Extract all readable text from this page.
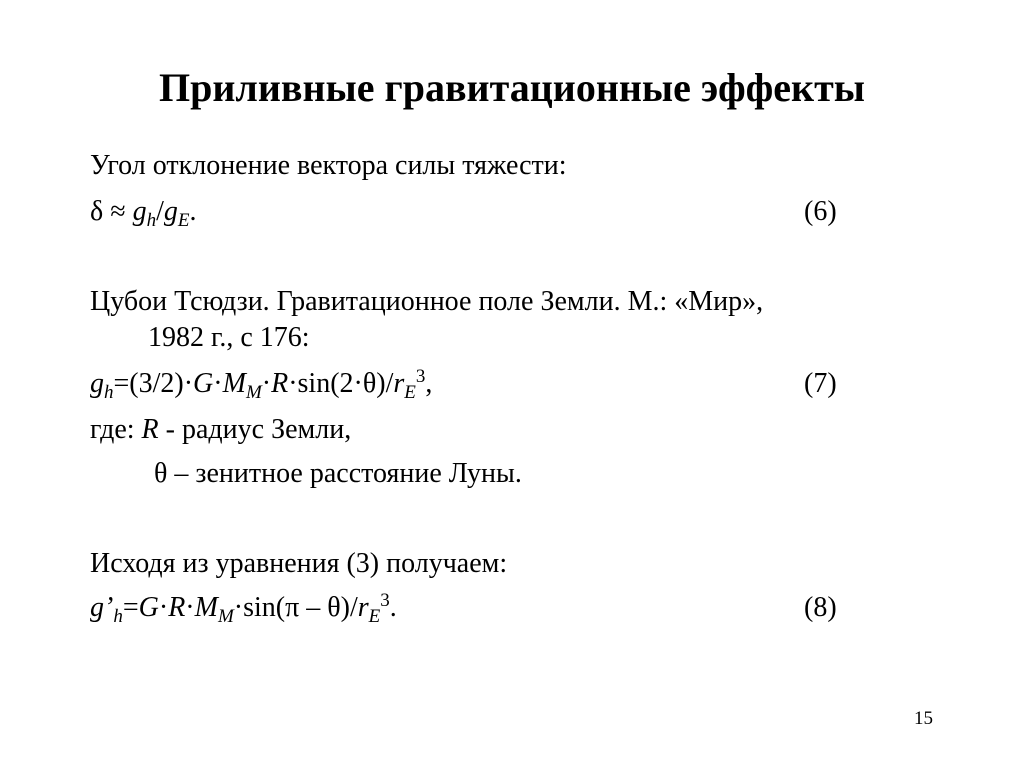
Приливные гравитационные эффекты
Угол отклонение вектора силы тяжести:
$\delta \approx g_h/g_E$.	(6)
Цубои Тсюдзи. Гравитационное поле Земли. М.: «Мир»,
1982 г., с 176:
$g_h=(3/2)\cdot G\cdot M_M\cdot R\cdot\sin(2\cdot\theta)/r_E^3$,	(7)
где: R - радиус Земли,
θ – зенитное расстояние Луны.
Исходя из уравнения (3) получаем:
$g’_h=G\cdot R\cdot M_M\cdot\sin(\pi - \theta)/r_E^3$.	(8)
15
